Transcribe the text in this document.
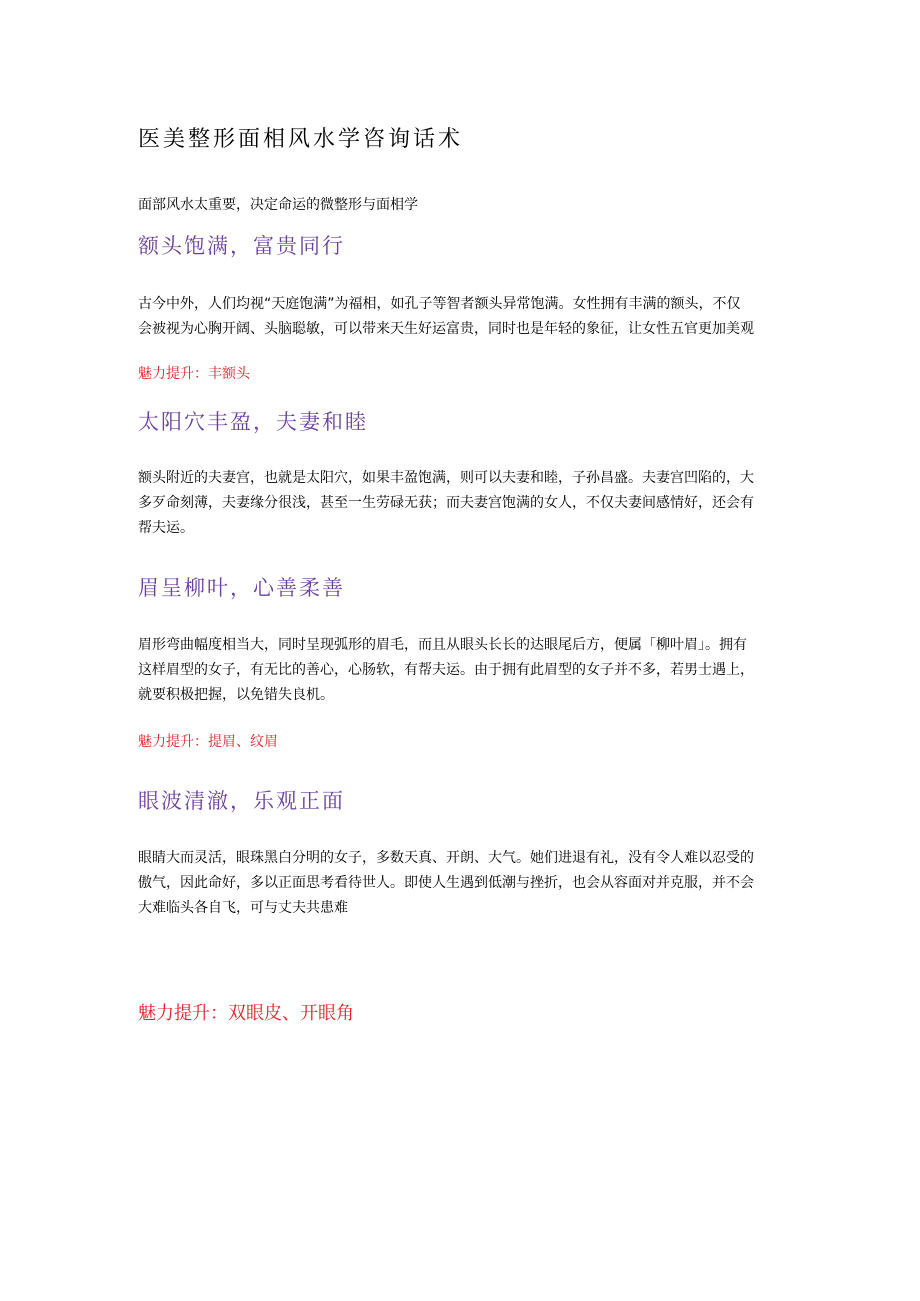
医美整形面相风水学咨询话术
面部风水太重要，决定命运的微整形与面相学
额头饱满，富贵同行
古今中外，人们均视“天庭饱满”为福相，如孔子等智者额头异常饱满。女性拥有丰满的额头，不仅
会被视为心胸开阔、头脑聪敏，可以带来天生好运富贵，同时也是年轻的象征，让女性五官更加美观
魅力提升：丰额头
太阳穴丰盈，夫妻和睦
额头附近的夫妻宫，也就是太阳穴，如果丰盈饱满，则可以夫妻和睦，子孙昌盛。夫妻宫凹陷的，大
多歹命刻薄，夫妻缘分很浅，甚至一生劳碌无获；而夫妻宫饱满的女人，不仅夫妻间感情好，还会有
帮夫运。
眉呈柳叶，心善柔善
眉形弯曲幅度相当大，同时呈现弧形的眉毛，而且从眼头长长的达眼尾后方，便属「柳叶眉」。拥有
这样眉型的女子，有无比的善心，心肠软，有帮夫运。由于拥有此眉型的女子并不多，若男士遇上，
就要积极把握，以免错失良机。
魅力提升：提眉、纹眉
眼波清澈，乐观正面
眼睛大而灵活，眼珠黑白分明的女子，多数天真、开朗、大气。她们进退有礼，没有令人难以忍受的
傲气，因此命好，多以正面思考看待世人。即使人生遇到低潮与挫折，也会从容面对并克服，并不会
大难临头各自飞，可与丈夫共患难
魅力提升：双眼皮、开眼角
